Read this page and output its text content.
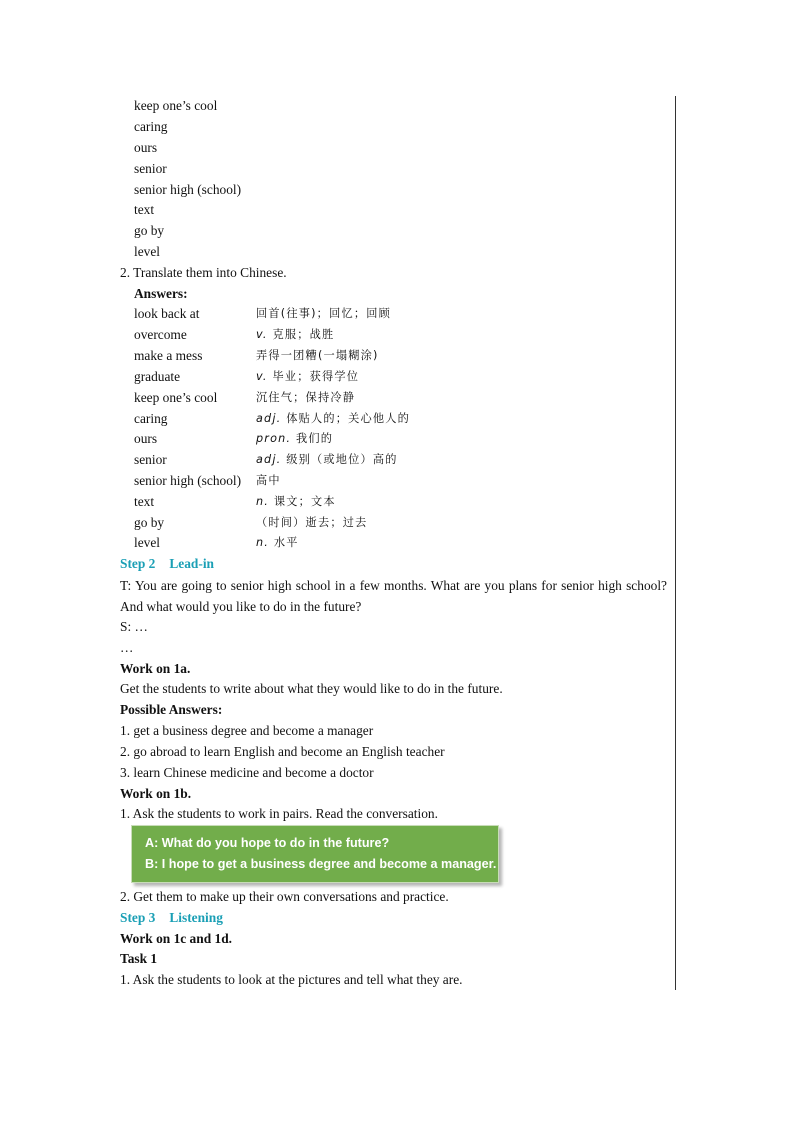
keep one’s cool
caring
ours
senior
senior high (school)
text
go by
level
2. Translate them into Chinese.
Answers:
look back at	回首(往事)；回忆；回顾
overcome	v. 克服；战胜
make a mess	弄得一团糟(一塌糊涂)
graduate	v. 毕业；获得学位
keep one’s cool	沉住气；保持冷静
caring	adj. 体贴人的；关心他人的
ours	pron. 我们的
senior	adj. 级别（或地位）高的
senior high (school) 高中
text	n. 课文；文本
go by	（时间）逝去；过去
level	n. 水平
Step 2 Lead-in
T: You are going to senior high school in a few months. What are you plans for senior high school? And what would you like to do in the future?
S: …
…
Work on 1a.
Get the students to write about what they would like to do in the future.
Possible Answers:
1. get a business degree and become a manager
2. go abroad to learn English and become an English teacher
3. learn Chinese medicine and become a doctor
Work on 1b.
1. Ask the students to work in pairs. Read the conversation.
A: What do you hope to do in the future?
B: I hope to get a business degree and become a manager.
2. Get them to make up their own conversations and practice.
Step 3 Listening
Work on 1c and 1d.
Task 1
1. Ask the students to look at the pictures and tell what they are.
